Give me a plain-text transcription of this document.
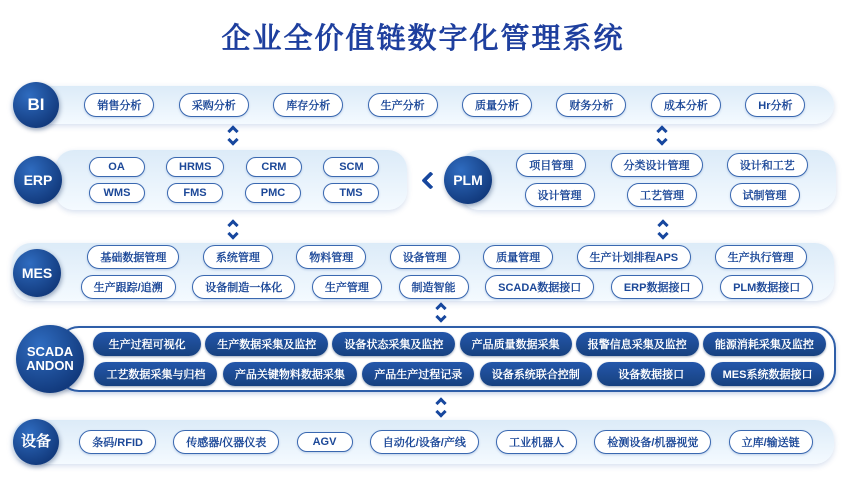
企业全价值链数字化管理系统
销售分析	采购分析	库存分析	生产分析	质量分析	财务分析	成本分析	Hr分析
BI
OA	HRMS	CRM	SCM
WMS	FMS	PMC	TMS
ERP
项目管理	分类设计管理	设计和工艺
设计管理	工艺管理	试制管理
PLM
基础数据管理	系统管理	物料管理	设备管理	质量管理	生产计划排程APS	生产执行管理
生产跟踪/追溯	设备制造一体化	生产管理	制造智能	SCADA数据接口	ERP数据接口	PLM数据接口
MES
生产过程可视化	生产数据采集及监控	设备状态采集及监控	产品质量数据采集	报警信息采集及监控	能源消耗采集及监控
工艺数据采集与归档	产品关键物料数据采集	产品生产过程记录	设备系统联合控制	设备数据接口	MES系统数据接口
SCADA
ANDON
条码/RFID	传感器/仪器仪表	AGV	自动化/设备/产线	工业机器人	检测设备/机器视觉	立库/输送链
设备
